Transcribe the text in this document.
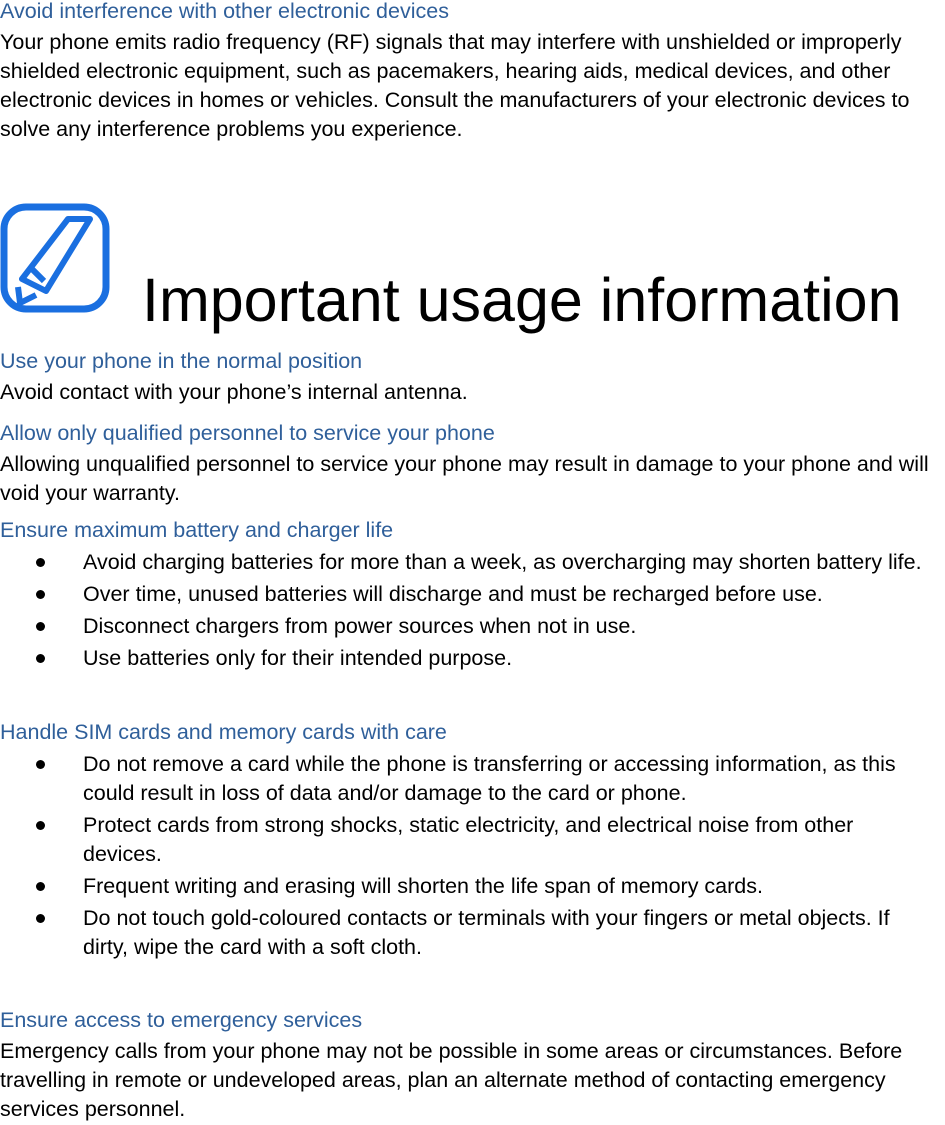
Avoid interference with other electronic devices

Your phone emits radio frequency (RF) signals that may interfere with unshielded or improperly shielded electronic equipment, such as pacemakers, hearing aids, medical devices, and other electronic devices in homes or vehicles. Consult the manufacturers of your electronic devices to solve any interference problems you experience.

Important usage information

Use your phone in the normal position

Avoid contact with your phone’s internal antenna.

Allow only qualified personnel to service your phone

Allowing unqualified personnel to service your phone may result in damage to your phone and will void your warranty.

Ensure maximum battery and charger life

Avoid charging batteries for more than a week, as overcharging may shorten battery life.
Over time, unused batteries will discharge and must be recharged before use.
Disconnect chargers from power sources when not in use.
Use batteries only for their intended purpose.

Handle SIM cards and memory cards with care

Do not remove a card while the phone is transferring or accessing information, as this could result in loss of data and/or damage to the card or phone.
Protect cards from strong shocks, static electricity, and electrical noise from other devices.
Frequent writing and erasing will shorten the life span of memory cards.
Do not touch gold-coloured contacts or terminals with your fingers or metal objects. If dirty, wipe the card with a soft cloth.

Ensure access to emergency services

Emergency calls from your phone may not be possible in some areas or circumstances. Before travelling in remote or undeveloped areas, plan an alternate method of contacting emergency services personnel.
